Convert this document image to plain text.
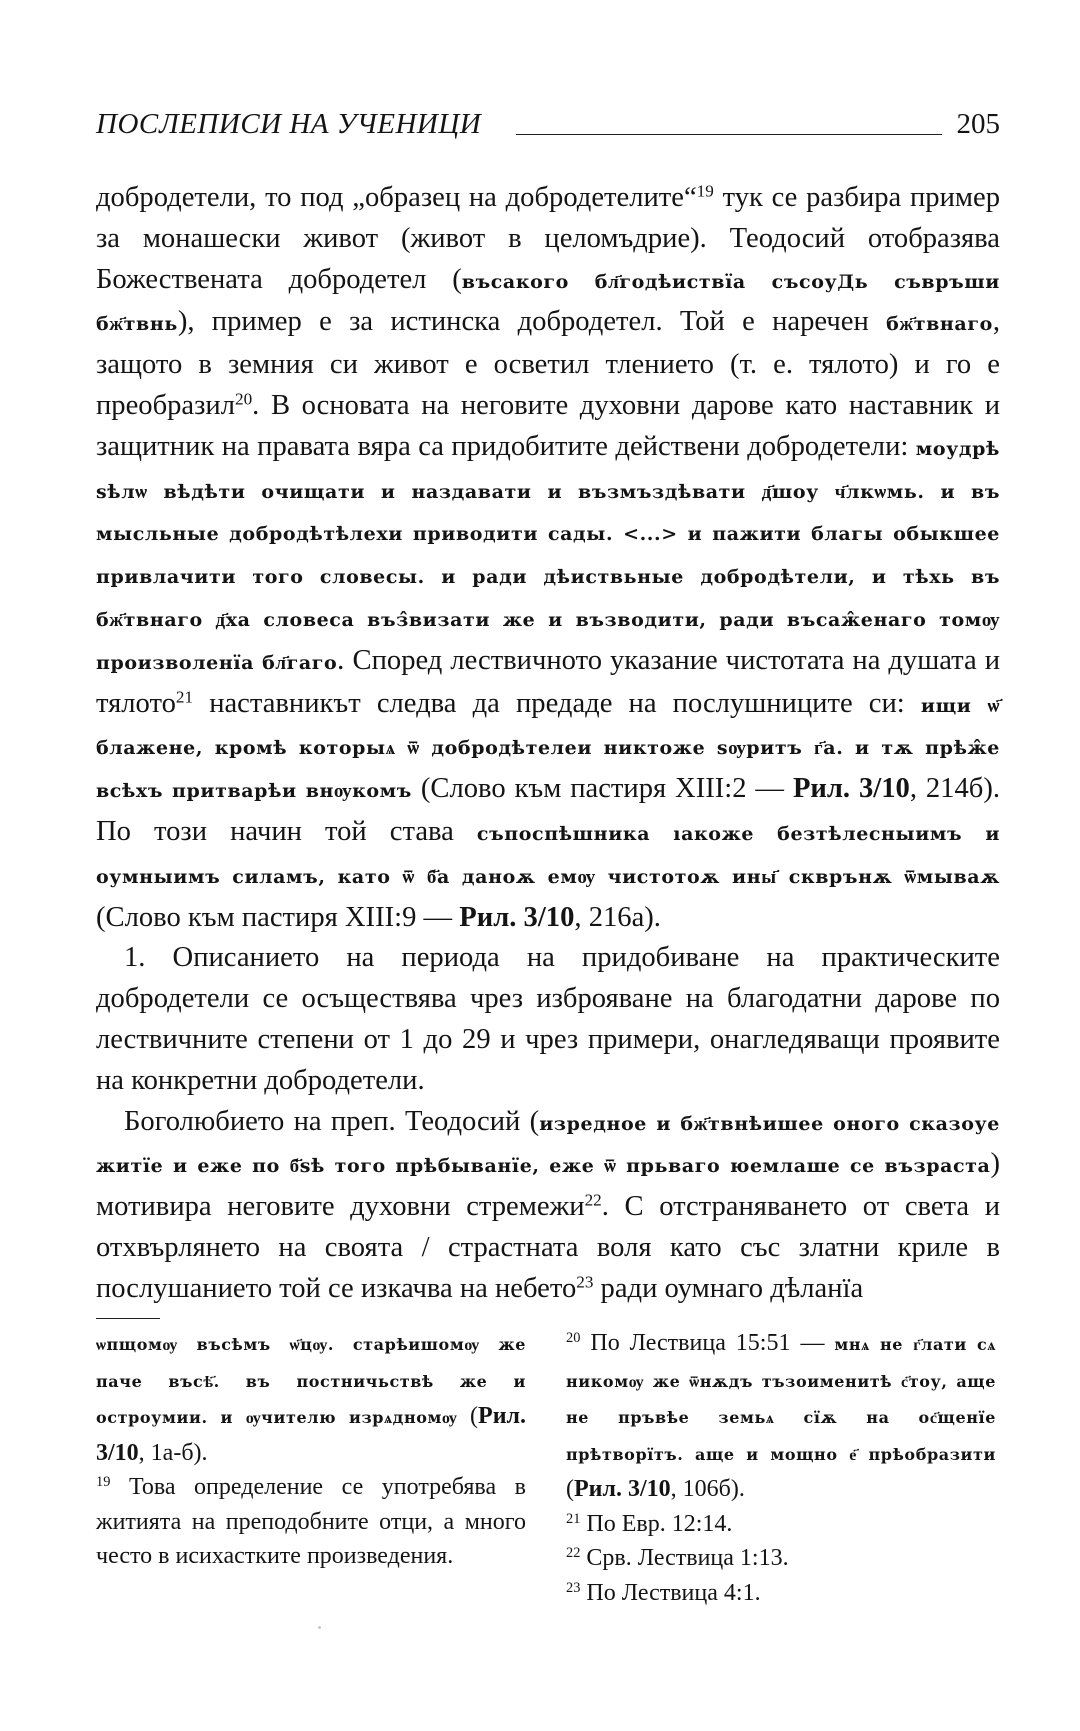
ПОСЛЕПИСИ НА УЧЕНИЦИ	205

добродетели, то под „образец на добродетелите“$^{19}$ тук се разбира пример за монашески живот (живот в целомъдрие). Теодосий отобразява Божествената добродетел (въсакого бл҃годѣиствїа съсоуДь съвръши бж҃твнь), пример е за истинска добродетел. Той е наречен бж҃твнаго, защото в земния си живот е осветил тлението (т. е. тялото) и го е преобразил$^{20}$. В основата на неговите духовни дарове като наставник и защитник на правата вяра са придобитите действени добродетели: моудрѣ ѕѣлѡ вѣдѣти очищати и наздавати и възмъздѣвати д҃шоу ч҃лкѡмь. и въ мысльные добродѣтѣлехи приводити сады. <...> и пажити благы обыкшее привлачити того словесы. и ради дѣиствьные добродѣтели, и тѣхь въ бж҃твнаго д҃ха словеса въз̂визати же и възводити, ради въсаж̂енаго томѹ произволенїа бл҃гаго. Според лествичното указание чистотата на душата и тялото$^{21}$ наставникът следва да предаде на послушниците си: ищи ѡ҃ блажене, кромѣ которыѧ ѿ добродѣтелеи никтоже ѕѹритъ г҃а. и тѫ прѣж̂е всѣхъ притварѣи внѹкомъ (Слово към пастиря XIII:2 — Рил. 3/10, 214б). По този начин той става съпоспѣшника ıакоже безтѣлесныимъ и оумныимъ силамъ, като ѿ б҃а даноѫ емѹ чистотоѫ ины҃ скврънѫ ѿмываѫ (Слово към пастиря XIII:9 — Рил. 3/10, 216а).

1. Описанието на периода на придобиване на практическите добродетели се осъществява чрез изброяване на благодатни дарове по лествичните степени от 1 до 29 и чрез примери, онагледяващи проявите на конкретни добродетели.

Боголюбието на преп. Теодосий (изредное и бж҃твнѣишее оного сказоуе житїе и еже по б҃ѕѣ того прѣбыванїе, еже ѿ прьваго юемлаше се възраста) мотивира неговите духовни стремежи$^{22}$. С отстраняването от света и отхвърлянето на своята / страстната воля като със златни криле в послушанието той се изкачва на небето$^{23}$ ради оумнаго дѣланїа

ѡпщомѹ въсѣмъ ѡ҃цѹ. старѣишомѹ же паче въсѣ҃. въ постничьствѣ же и остроумии. и ѹчителю изрѧдномѹ (Рил. 3/10, 1а-б).

$^{19}$ Това определение се употребява в житията на преподобните отци, а много често в исихастките произведения.

$^{20}$ По Лествица 15:51 — мнѧ не г҃лати сѧ никомѹ же ѿнѫдъ тъзоименитѣ с҃тоу, аще не пръвѣе земьѧ сїѫ на ос҃щенїе прѣтворїтъ. аще и мощно е҃ прѣобразити (Рил. 3/10, 106б).

$^{21}$ По Евр. 12:14.

$^{22}$ Срв. Лествица 1:13.

$^{23}$ По Лествица 4:1.
